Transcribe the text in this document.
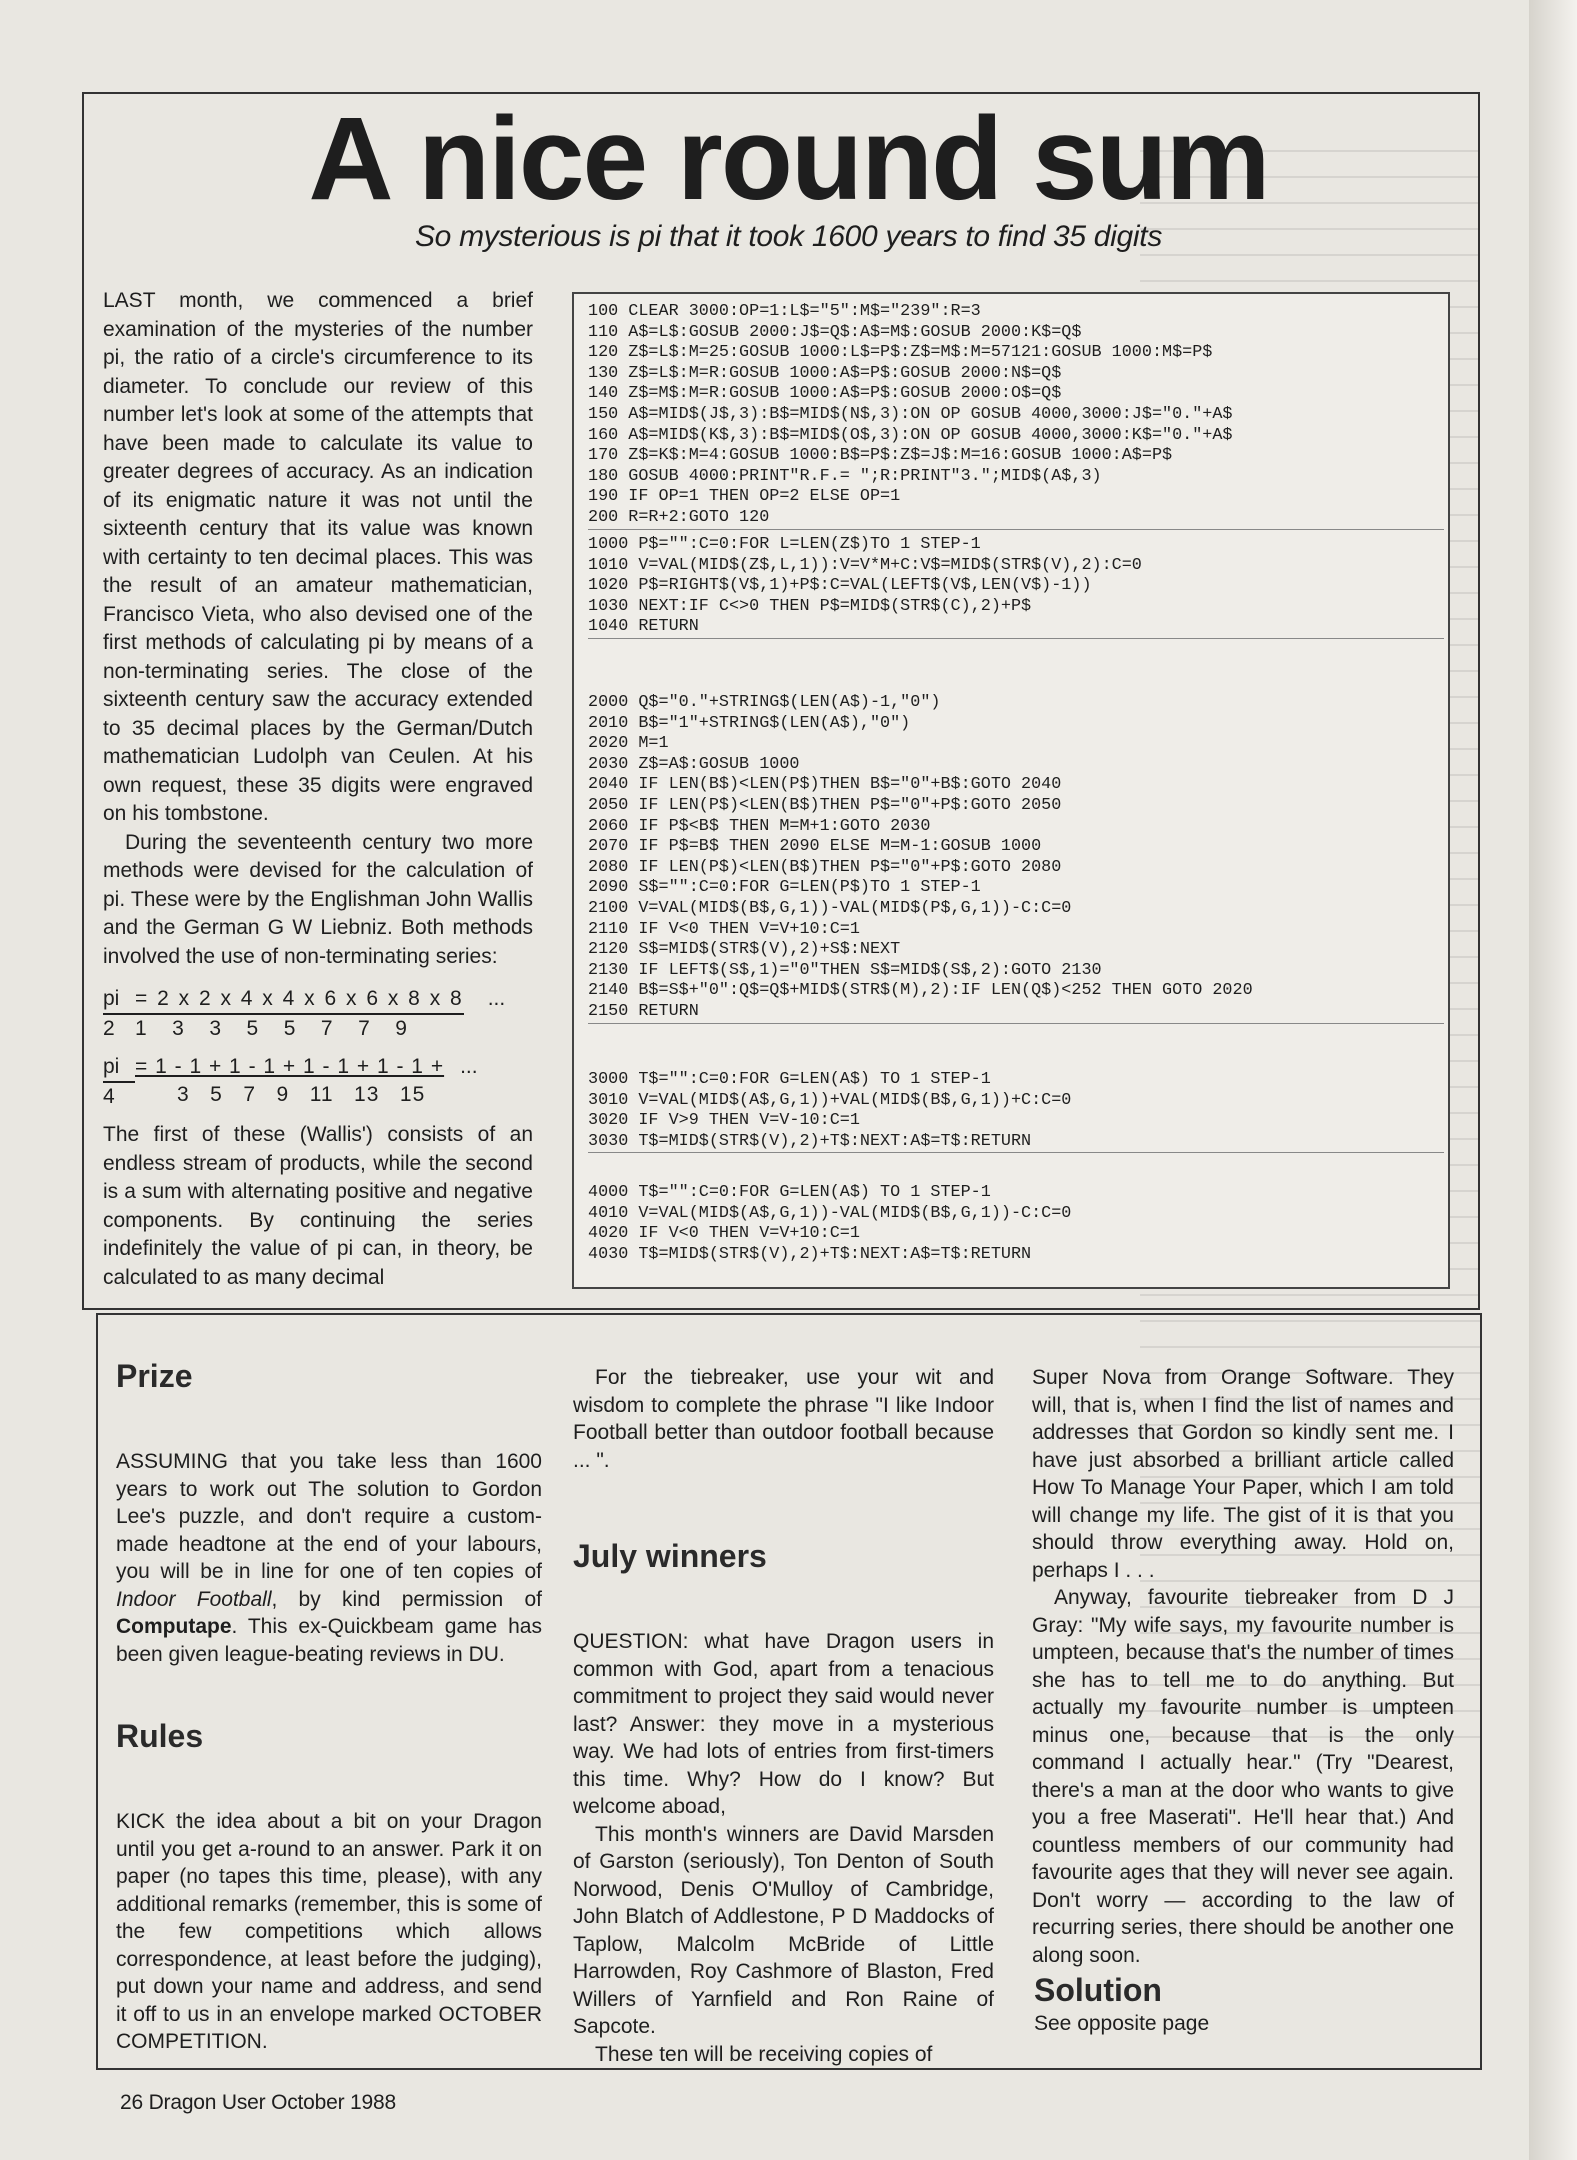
A nice round sum
So mysterious is pi that it took 1600 years to find 35 digits

LAST month, we commenced a brief examination of the mysteries of the number pi, the ratio of a circle's circumference to its diameter. To conclude our review of this number let's look at some of the attempts that have been made to calculate its value to greater degrees of accuracy. As an indication of its enigmatic nature it was not until the sixteenth century that its value was known with certainty to ten decimal places. This was the result of an amateur mathematician, Francisco Vieta, who also devised one of the first methods of calculating pi by means of a non-terminating series. The close of the sixteenth century saw the accuracy extended to 35 decimal places by the German/Dutch mathematician Ludolph van Ceulen. At his own request, these 35 digits were engraved on his tombstone.

During the seventeenth century two more methods were devised for the calculation of pi. These were by the Englishman John Wallis and the German G W Liebniz. Both methods involved the use of non-terminating series:

$\frac{pi}{2} \frac{= 2 x 2 x 4 x 4 x 6 x 6 x 8 x 8}{1 3 3 5 5 7 7 9}$ ...
$\frac{pi}{4} \frac{= 1 - 1 + 1 - 1 + 1 - 1 + 1 - 1 +}{3 5 7 9 11 13 15}$ ...

The first of these (Wallis') consists of an endless stream of products, while the second is a sum with alternating positive and negative components. By continuing the series indefinitely the value of pi can, in theory, be calculated to as many decimal

100 CLEAR 3000:OP=1:L$="5":M$="239":R=3
110 A$=L$:GOSUB 2000:J$=Q$:A$=M$:GOSUB 2000:K$=Q$
120 Z$=L$:M=25:GOSUB 1000:L$=P$:Z$=M$:M=57121:GOSUB 1000:M$=P$
130 Z$=L$:M=R:GOSUB 1000:A$=P$:GOSUB 2000:N$=Q$
140 Z$=M$:M=R:GOSUB 1000:A$=P$:GOSUB 2000:O$=Q$
150 A$=MID$(J$,3):B$=MID$(N$,3):ON OP GOSUB 4000,3000:J$="0."+A$
160 A$=MID$(K$,3):B$=MID$(O$,3):ON OP GOSUB 4000,3000:K$="0."+A$
170 Z$=K$:M=4:GOSUB 1000:B$=P$:Z$=J$:M=16:GOSUB 1000:A$=P$
180 GOSUB 4000:PRINT"R.F.= ";R:PRINT"3.";MID$(A$,3)
190 IF OP=1 THEN OP=2 ELSE OP=1
200 R=R+2:GOTO 120
1000 P$="":C=0:FOR L=LEN(Z$)TO 1 STEP-1
1010 V=VAL(MID$(Z$,L,1)):V=V*M+C:V$=MID$(STR$(V),2):C=0
1020 P$=RIGHT$(V$,1)+P$:C=VAL(LEFT$(V$,LEN(V$)-1))
1030 NEXT:IF C<>0 THEN P$=MID$(STR$(C),2)+P$
1040 RETURN
2000 Q$="0."+STRING$(LEN(A$)-1,"0")
2010 B$="1"+STRING$(LEN(A$),"0")
2020 M=1
2030 Z$=A$:GOSUB 1000
2040 IF LEN(B$)<LEN(P$)THEN B$="0"+B$:GOTO 2040
2050 IF LEN(P$)<LEN(B$)THEN P$="0"+P$:GOTO 2050
2060 IF P$<B$ THEN M=M+1:GOTO 2030
2070 IF P$=B$ THEN 2090 ELSE M=M-1:GOSUB 1000
2080 IF LEN(P$)<LEN(B$)THEN P$="0"+P$:GOTO 2080
2090 S$="":C=0:FOR G=LEN(P$)TO 1 STEP-1
2100 V=VAL(MID$(B$,G,1))-VAL(MID$(P$,G,1))-C:C=0
2110 IF V<0 THEN V=V+10:C=1
2120 S$=MID$(STR$(V),2)+S$:NEXT
2130 IF LEFT$(S$,1)="0"THEN S$=MID$(S$,2):GOTO 2130
2140 B$=S$+"0":Q$=Q$+MID$(STR$(M),2):IF LEN(Q$)<252 THEN GOTO 2020
2150 RETURN
3000 T$="":C=0:FOR G=LEN(A$) TO 1 STEP-1
3010 V=VAL(MID$(A$,G,1))+VAL(MID$(B$,G,1))+C:C=0
3020 IF V>9 THEN V=V-10:C=1
3030 T$=MID$(STR$(V),2)+T$:NEXT:A$=T$:RETURN
4000 T$="":C=0:FOR G=LEN(A$) TO 1 STEP-1
4010 V=VAL(MID$(A$,G,1))-VAL(MID$(B$,G,1))-C:C=0
4020 IF V<0 THEN V=V+10:C=1
4030 T$=MID$(STR$(V),2)+T$:NEXT:A$=T$:RETURN
Prize

ASSUMING that you take less than 1600 years to work out The solution to Gordon Lee's puzzle, and don't require a custom-made headtone at the end of your labours, you will be in line for one of ten copies of Indoor Football, by kind permission of Computape. This ex-Quickbeam game has been given league-beating reviews in DU.

Rules

KICK the idea about a bit on your Dragon until you get a-round to an answer. Park it on paper (no tapes this time, please), with any additional remarks (remember, this is some of the few competitions which allows correspondence, at least before the judging), put down your name and address, and send it off to us in an envelope marked OCTOBER COMPETITION.

For the tiebreaker, use your wit and wisdom to complete the phrase "I like Indoor Football better than outdoor football because ... ".

July winners

QUESTION: what have Dragon users in common with God, apart from a tenacious commitment to project they said would never last? Answer: they move in a mysterious way. We had lots of entries from first-timers this time. Why? How do I know? But welcome aboad,

This month's winners are David Marsden of Garston (seriously), Ton Denton of South Norwood, Denis O'Mulloy of Cambridge, John Blatch of Addlestone, P D Maddocks of Taplow, Malcolm McBride of Little Harrowden, Roy Cashmore of Blaston, Fred Willers of Yarnfield and Ron Raine of Sapcote.

These ten will be receiving copies of

Super Nova from Orange Software. They will, that is, when I find the list of names and addresses that Gordon so kindly sent me. I have just absorbed a brilliant article called How To Manage Your Paper, which I am told will change my life. The gist of it is that you should throw everything away. Hold on, perhaps I . . .

Anyway, favourite tiebreaker from D J Gray: "My wife says, my favourite number is umpteen, because that's the number of times she has to tell me to do anything. But actually my favourite number is umpteen minus one, because that is the only command I actually hear." (Try "Dearest, there's a man at the door who wants to give you a free Maserati". He'll hear that.) And countless members of our community had favourite ages that they will never see again. Don't worry — according to the law of recurring series, there should be another one along soon.

Solution

See opposite page

26 Dragon User October 1988
